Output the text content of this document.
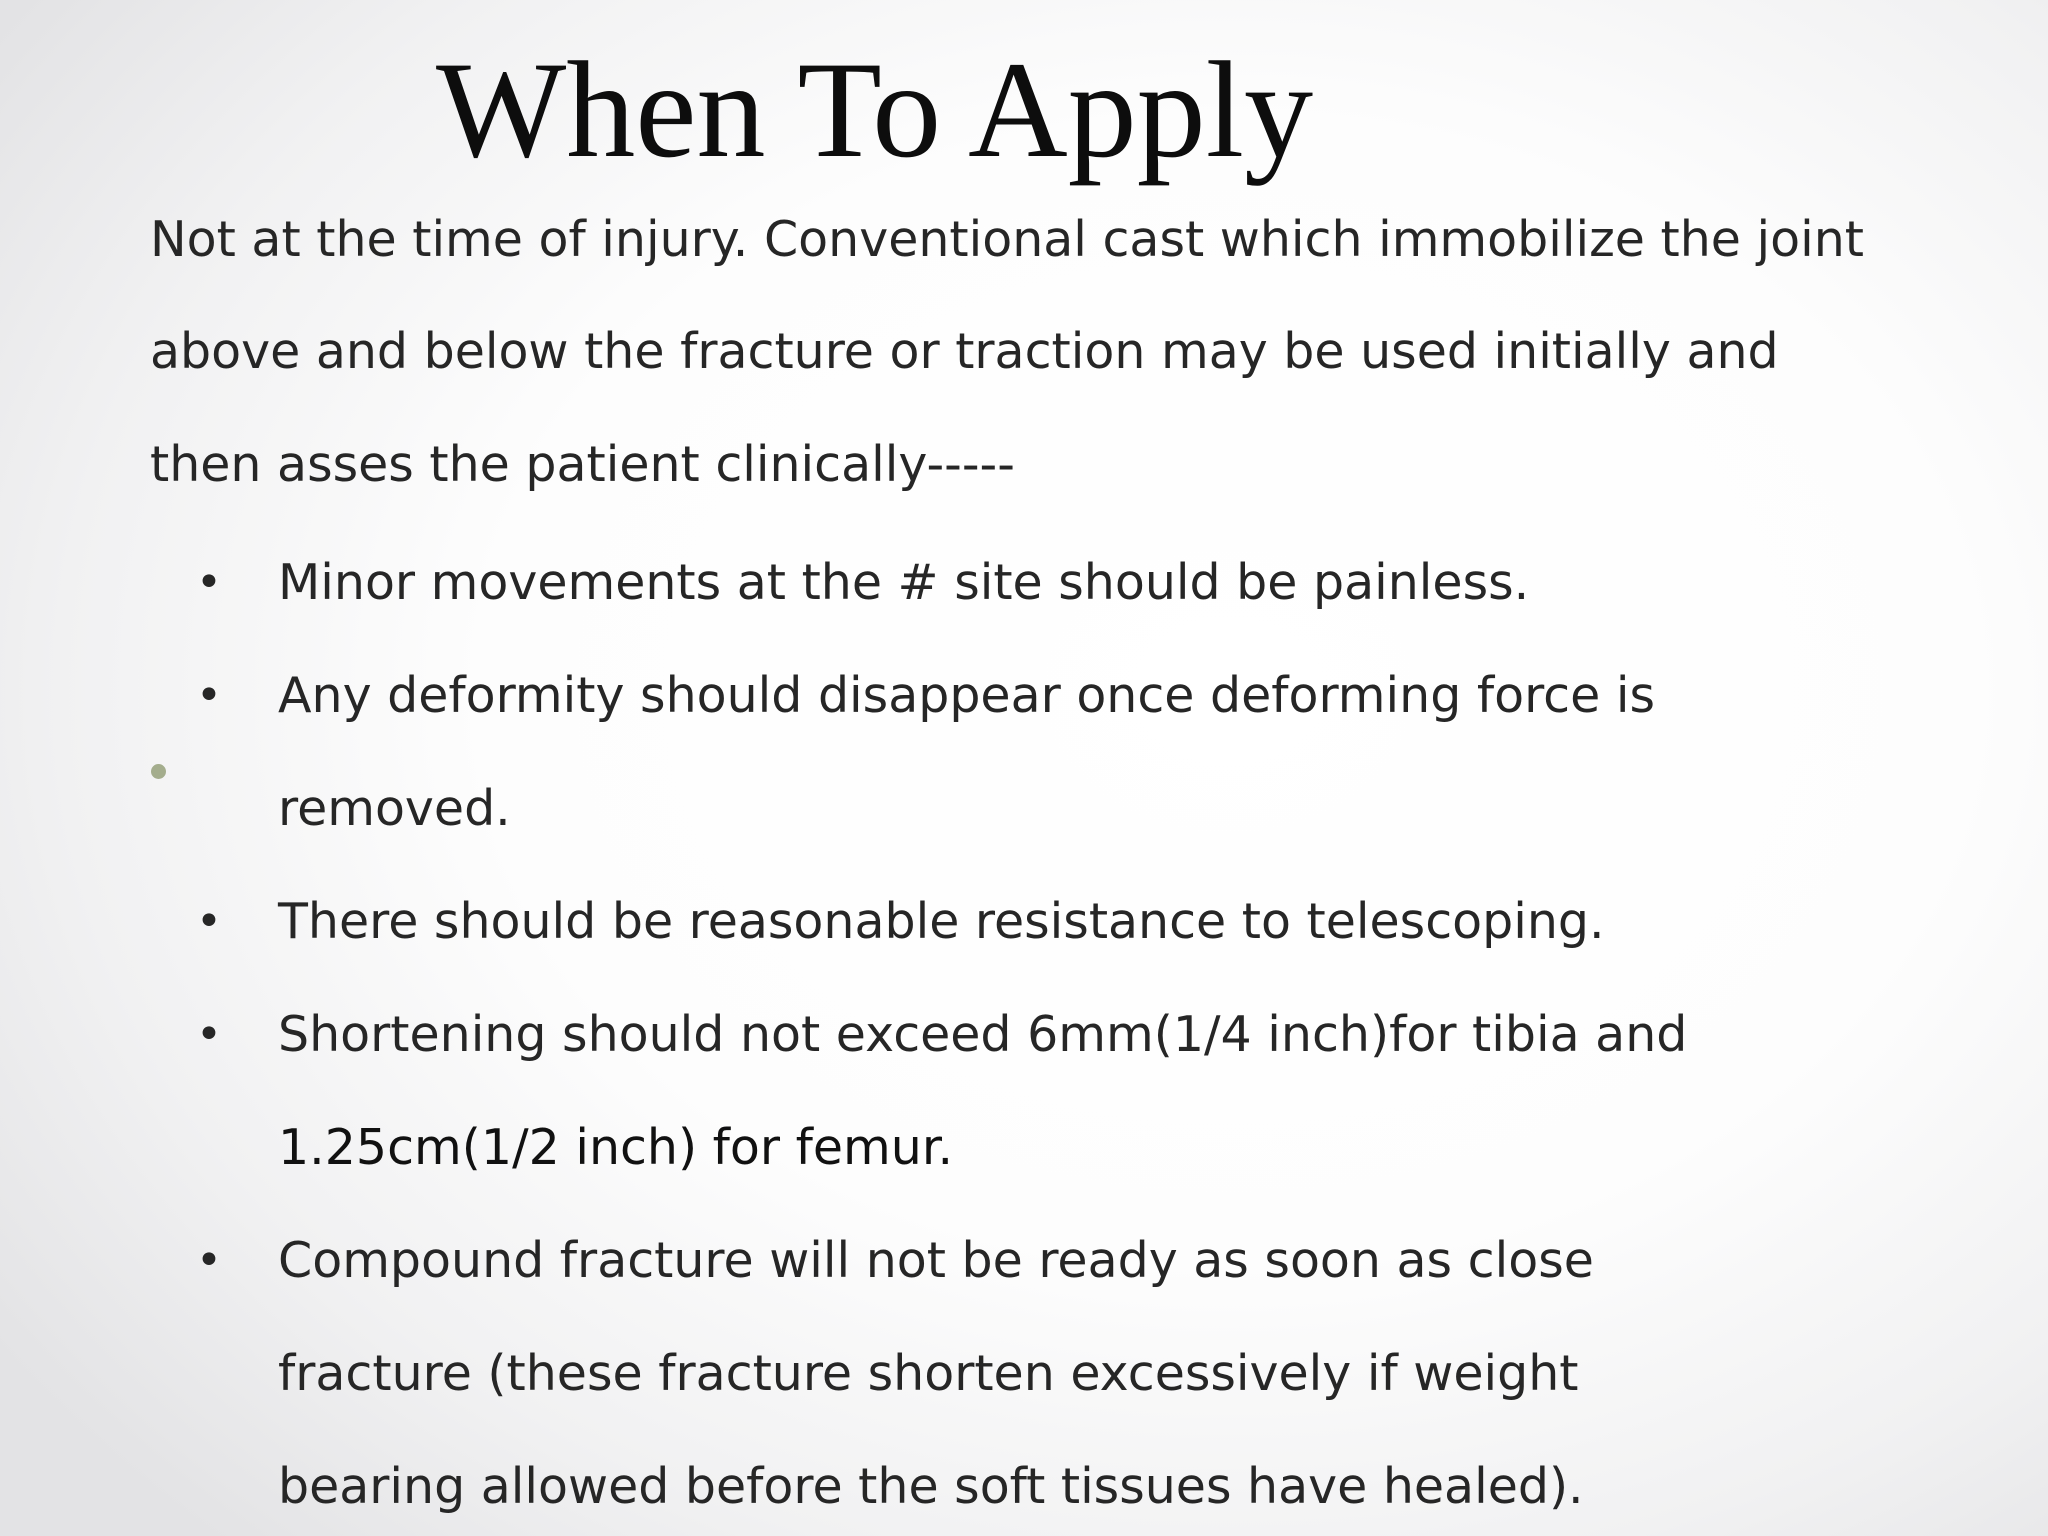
When To Apply
Not at the time of injury. Conventional cast which immobilize the joint
above and below the fracture or traction may be used initially and
then asses the patient clinically-----
• Minor movements at the # site should be painless.
• Any deformity should disappear once deforming force is
removed.
• There should be reasonable resistance to telescoping.
• Shortening should not exceed 6mm(1/4 inch)for tibia and
1.25cm(1/2 inch) for femur.
• Compound fracture will not be ready as soon as close
fracture (these fracture shorten excessively if weight
bearing allowed before the soft tissues have healed).
